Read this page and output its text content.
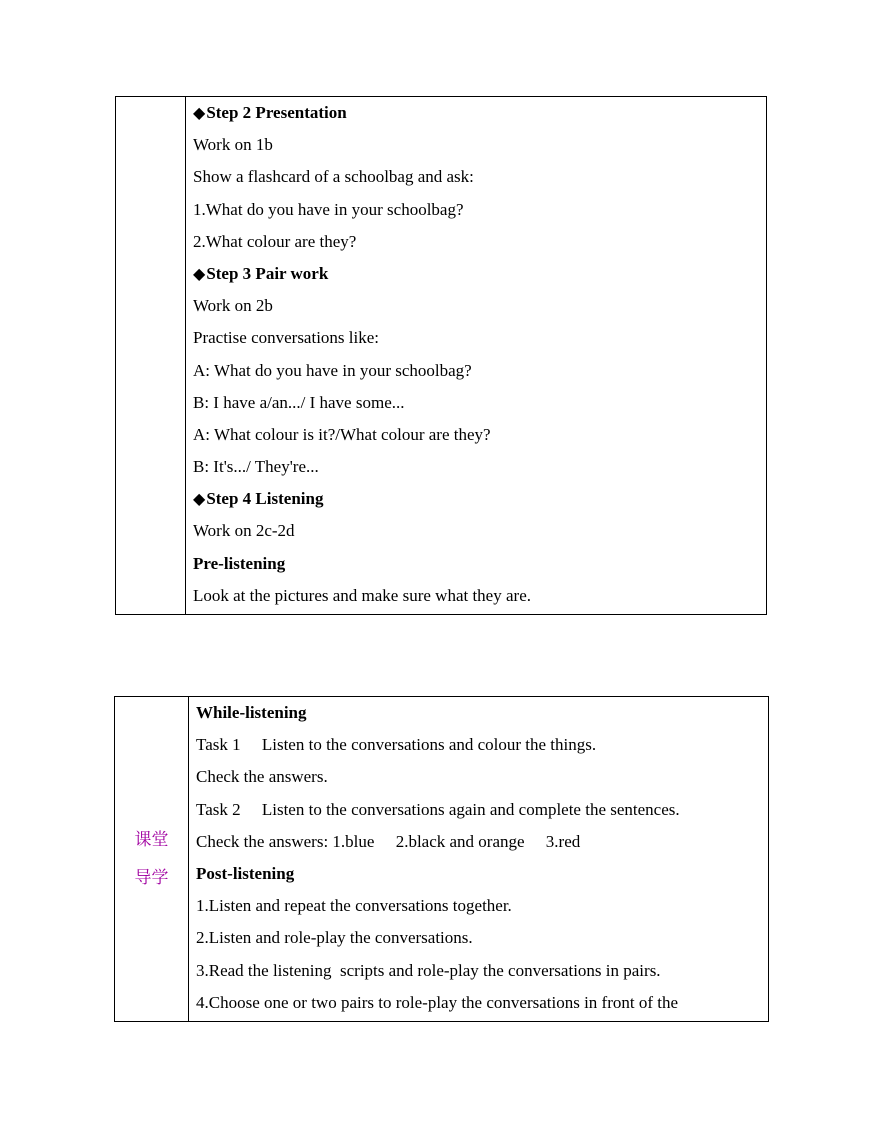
◆Step 2 Presentation
Work on 1b
Show a flashcard of a schoolbag and ask:
1.What do you have in your schoolbag?
2.What colour are they?
◆Step 3 Pair work
Work on 2b
Practise conversations like:
A: What do you have in your schoolbag?
B: I have a/an.../ I have some...
A: What colour is it?/What colour are they?
B: It's.../ They're...
◆Step 4 Listening
Work on 2c-2d
Pre-listening
Look at the pictures and make sure what they are.
课堂
导学

While-listening
Task 1     Listen to the conversations and colour the things.
Check the answers.
Task 2     Listen to the conversations again and complete the sentences.
Check the answers: 1.blue     2.black and orange     3.red
Post-listening
1.Listen and repeat the conversations together.
2.Listen and role-play the conversations.
3.Read the listening  scripts and role-play the conversations in pairs.
4.Choose one or two pairs to role-play the conversations in front of the
